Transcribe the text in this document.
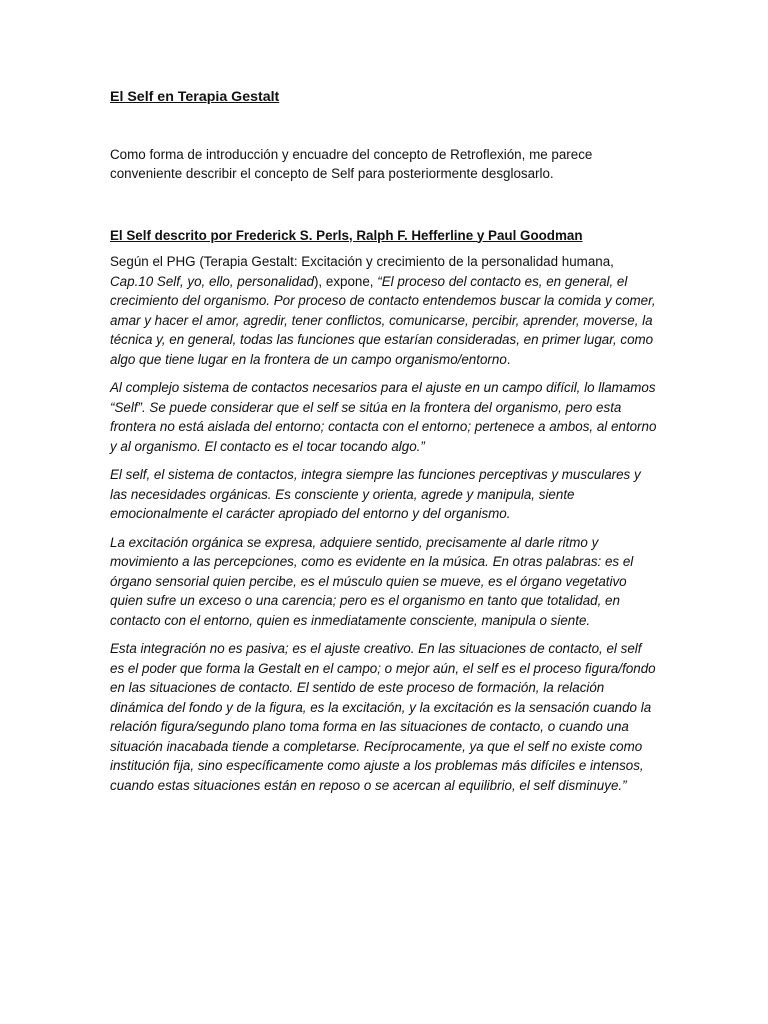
El Self en Terapia Gestalt
Como forma de introducción y encuadre del concepto de Retroflexión, me parece conveniente describir el concepto de Self para posteriormente desglosarlo.
El Self descrito por Frederick S. Perls, Ralph F. Hefferline y Paul Goodman
Según el PHG (Terapia Gestalt: Excitación y crecimiento de la personalidad humana, Cap.10 Self, yo, ello, personalidad), expone, “El proceso del contacto es, en general, el crecimiento del organismo. Por proceso de contacto entendemos buscar la comida y comer, amar y hacer el amor, agredir, tener conflictos, comunicarse, percibir, aprender, moverse, la técnica y, en general, todas las funciones que estarían consideradas, en primer lugar, como algo que tiene lugar en la frontera de un campo organismo/entorno.
Al complejo sistema de contactos necesarios para el ajuste en un campo difícil, lo llamamos “Self”. Se puede considerar que el self se sitúa en la frontera del organismo, pero esta frontera no está aislada del entorno; contacta con el entorno; pertenece a ambos, al entorno y al organismo. El contacto es el tocar tocando algo.”
El self, el sistema de contactos, integra siempre las funciones perceptivas y musculares y las necesidades orgánicas. Es consciente y orienta, agrede y manipula, siente emocionalmente el carácter apropiado del entorno y del organismo.
La excitación orgánica se expresa, adquiere sentido, precisamente al darle ritmo y movimiento a las percepciones, como es evidente en la música. En otras palabras: es el órgano sensorial quien percibe, es el músculo quien se mueve, es el órgano vegetativo quien sufre un exceso o una carencia; pero es el organismo en tanto que totalidad, en contacto con el entorno, quien es inmediatamente consciente, manipula o siente.
Esta integración no es pasiva; es el ajuste creativo. En las situaciones de contacto, el self es el poder que forma la Gestalt en el campo; o mejor aún, el self es el proceso figura/fondo en las situaciones de contacto. El sentido de este proceso de formación, la relación dinámica del fondo y de la figura, es la excitación, y la excitación es la sensación cuando la relación figura/segundo plano toma forma en las situaciones de contacto, o cuando una situación inacabada tiende a completarse. Recíprocamente, ya que el self no existe como institución fija, sino específicamente como ajuste a los problemas más difíciles e intensos, cuando estas situaciones están en reposo o se acercan al equilibrio, el self disminuye.”
